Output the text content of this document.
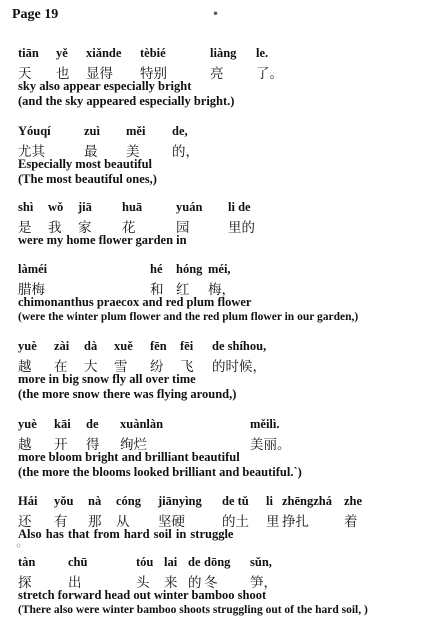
Page 19	•
◦
tiān yě xiǎnde tèbié	liàng le.
天 也 显得 特别	亮 了。
sky also appear especially bright
(and the sky appeared especially bright.)
Yóuqí	zuì měi de,
尤其	最 美 的，
Especially most beautiful
(The most beautiful ones,)
shì wǒ jiā huā	yuán li de
是 我 家 花	园	里的
were my home flower garden in
làméi	hé hóng méi,
腊梅	和 红 梅，
chimonanthus praecox and red plum flower
(were the winter plum flower and the red plum flower in our garden,)
yuè zài dà xuě fēn fēi de shíhou,
越 在 大 雪 纷 飞 的时候，
more in big snow fly all over time
(the more snow there was flying around,)
yuè kāi de xuànlàn	měilì.
越 开 得 绚烂	美丽。
more bloom bright and brilliant beautiful
(the more the blooms looked brilliant and beautiful.`)
Hái yǒu nà cóng jiānyìng de tǔ li zhēngzhá zhe
还 有 那 从 坚硬	的土 里 挣扎	着
Also has that from hard soil in struggle
tàn	chū	tóu lai de dōng sǔn,
探	出	头 来 的 冬 笋，
stretch forward head out winter bamboo shoot
(There also were winter bamboo shoots struggling out of the hard soil, )
